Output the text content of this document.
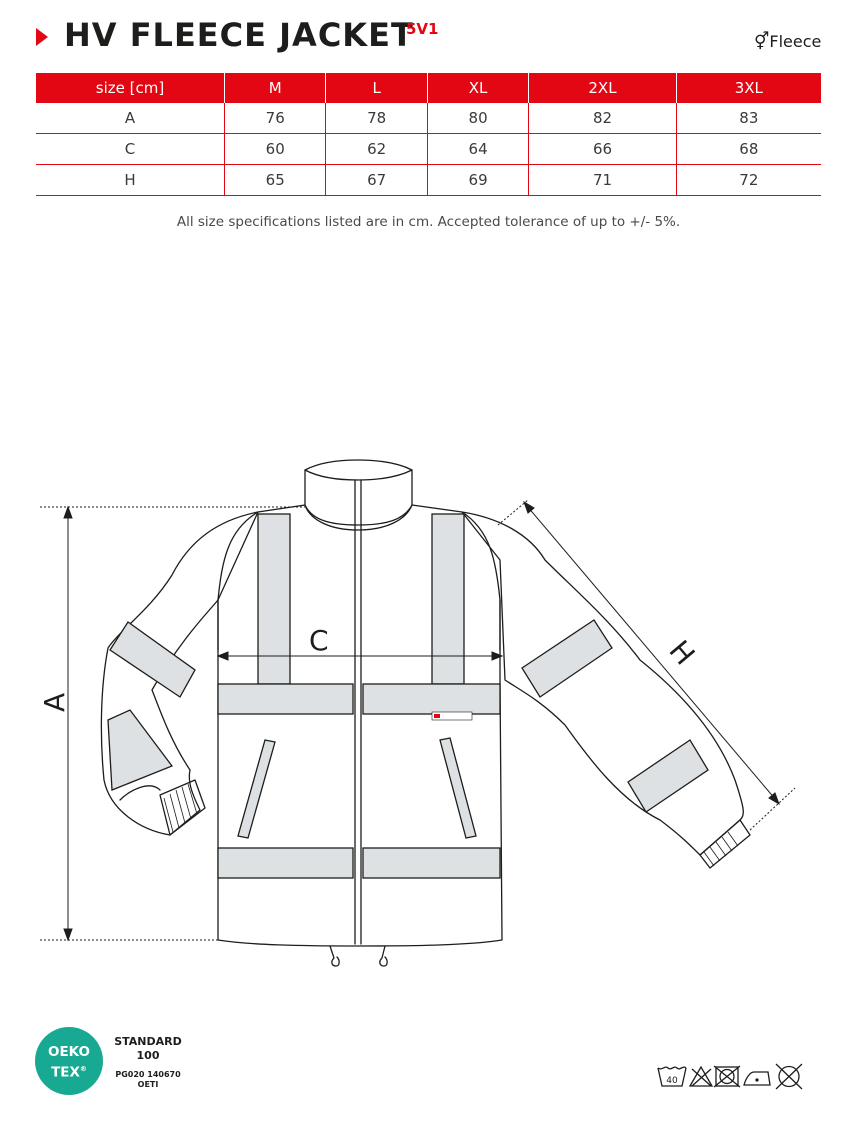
HV FLEECE JACKET
5V1
⚥Fleece
size [cm]	M	L	XL	2XL	3XL
A	76	78	80	82	83
C	60	62	64	66	68
H	65	67	69	71	72
All size specifications listed are in cm. Accepted tolerance of up to +/- 5%.
A
C	H
OEKO
TEX®
STANDARD
100
PG020 140670
OETI	40
